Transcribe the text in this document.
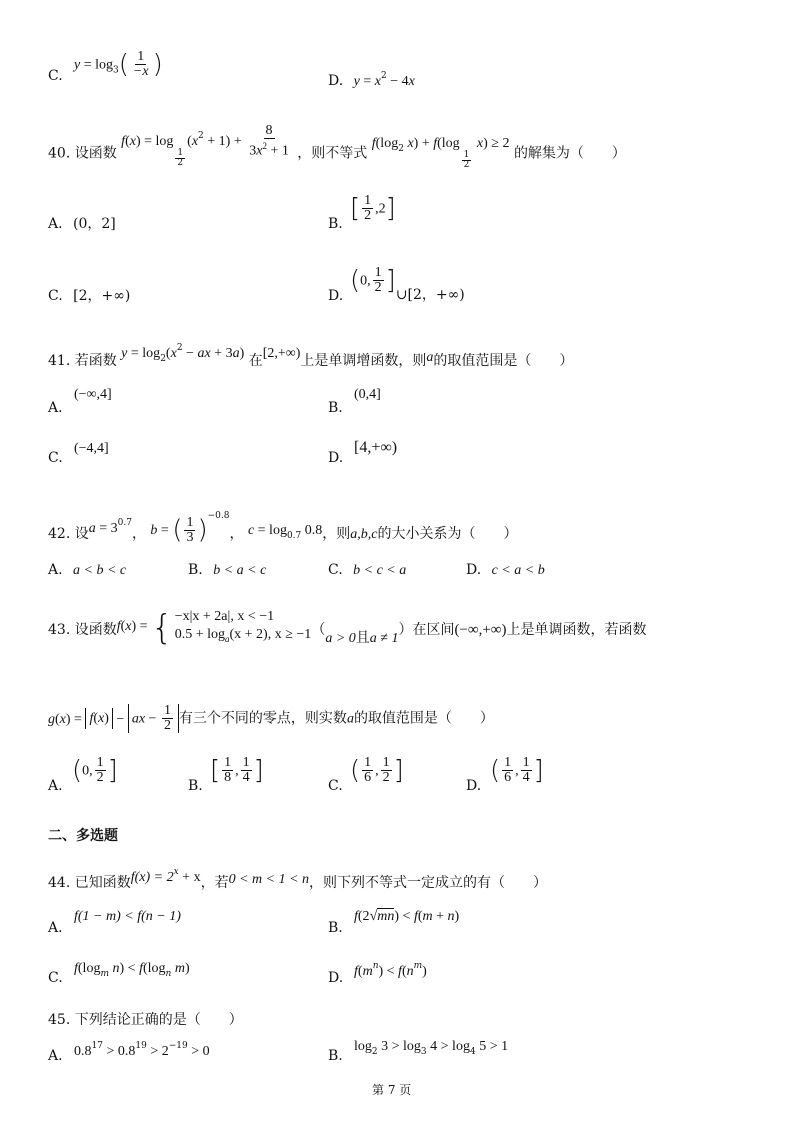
C.
$y = \log_3( \frac{1}{-x}$ )
D. $y = x^2 - 4x$
40. 设函数 f(x) = log
$\frac{1}{2}$
$(x^2 + 1) + \frac{8}{3x^2 + 1}$ ，则不等式 $f(\log_2$ x) + f(log
$\frac{1}{2}$
x) ≥ 2 的解集为（　　）
A. (0，2]	B.
[ $\frac{1}{2} ,2$]
C. [2，+∞)	D.
(0, $\frac{1}{2}$ ]∪[2，+∞)
41. 若函数 $y = \log_2(x^2$ − ax + 3a) 在[2,+∞)上是单调增函数，则a的取值范围是（　　）
A.
(−∞,4]
B.
(0,4]
C.
(−4,4]
D.
[4,+∞)
42. 设$a = 3^{0.7}$， b = ( $\frac{1}{3} )^{-0.8}$， $c = \log_{0.7} 0.8$，则a,b,c的大小关系为（　　）
A. a < b < c	B. b < a < c	C. b < c < a	D. c < a < b
43. 设函数f(x) = { −x|x + 2a|, x < −1
$0.5 + \log_a(x + 2)$, x ≥ −1 （a > 0且a ≠ 1）在区间(−∞,+∞)上是单调函数，若函数
g(x) = f(x) − ax − $\frac{1}{2}$ 有三个不同的零点，则实数a的取值范围是（　　）
A.
(0, $\frac{1}{2}$ ]
B.
[ $\frac{1}{8}$ , $\frac{1}{4}$ ]
C.
( $\frac{1}{6}$ , $\frac{1}{2}$ ]
D.
( $\frac{1}{6}$ , $\frac{1}{4}$ ]
二、多选题
44. 已知函数$f(x) = 2^x + x$，若0 < m < 1 < n，则下列不等式一定成立的有（　　）
A.
f(1 − m) < f(n − 1)
B.
f(2√mn) < f(m + n)
C.
$f(\log_m$ $n) < f(\log_n$ m)
D. $f(m^n) < f(n^m)$
45. 下列结论正确的是（　　）
A. $0.8^{17} > 0.8^{19} > 2^{-19} > 0$	B.
$\log_2 3 > \log_3 4 > \log_4 5 > 1$
第 7 页
